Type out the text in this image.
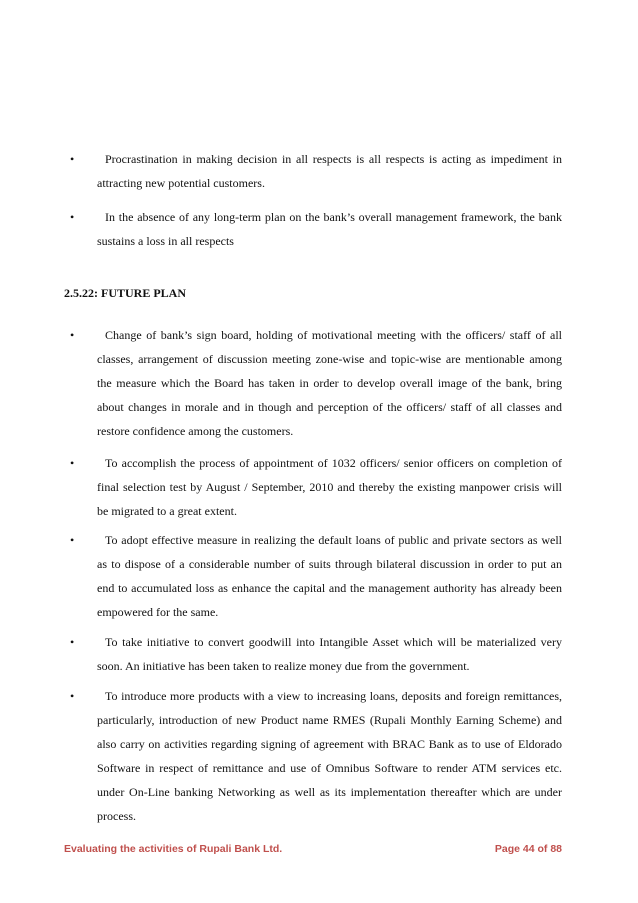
•	Procrastination in making decision in all respects is all respects is acting as impediment in attracting new potential customers.
•	In the absence of any long-term plan on the bank’s overall management framework, the bank sustains a loss in all respects
2.5.22: FUTURE PLAN
•	Change of bank’s sign board, holding of motivational meeting with the officers/ staff of all classes, arrangement of discussion meeting zone-wise and topic-wise are mentionable among the measure which the Board has taken in order to develop overall image of the bank, bring about changes in morale and in though and perception of the officers/ staff of all classes and restore confidence among the customers.
•	To accomplish the process of appointment of 1032 officers/ senior officers on completion of final selection test by August / September, 2010 and thereby the existing manpower crisis will be migrated to a great extent.
•	To adopt effective measure in realizing the default loans of public and private sectors as well as to dispose of a considerable number of suits through bilateral discussion in order to put an end to accumulated loss as enhance the capital and the management authority has already been empowered for the same.
•	To take initiative to convert goodwill into Intangible Asset which will be materialized very soon. An initiative has been taken to realize money due from the government.
•	To introduce more products with a view to increasing loans, deposits and foreign remittances, particularly, introduction of new Product name RMES (Rupali Monthly Earning Scheme) and also carry on activities regarding signing of agreement with BRAC Bank as to use of Eldorado Software in respect of remittance and use of Omnibus Software to render ATM services etc. under On-Line banking Networking as well as its implementation thereafter which are under process.
Evaluating the activities of Rupali Bank Ltd.	Page 44 of 88
